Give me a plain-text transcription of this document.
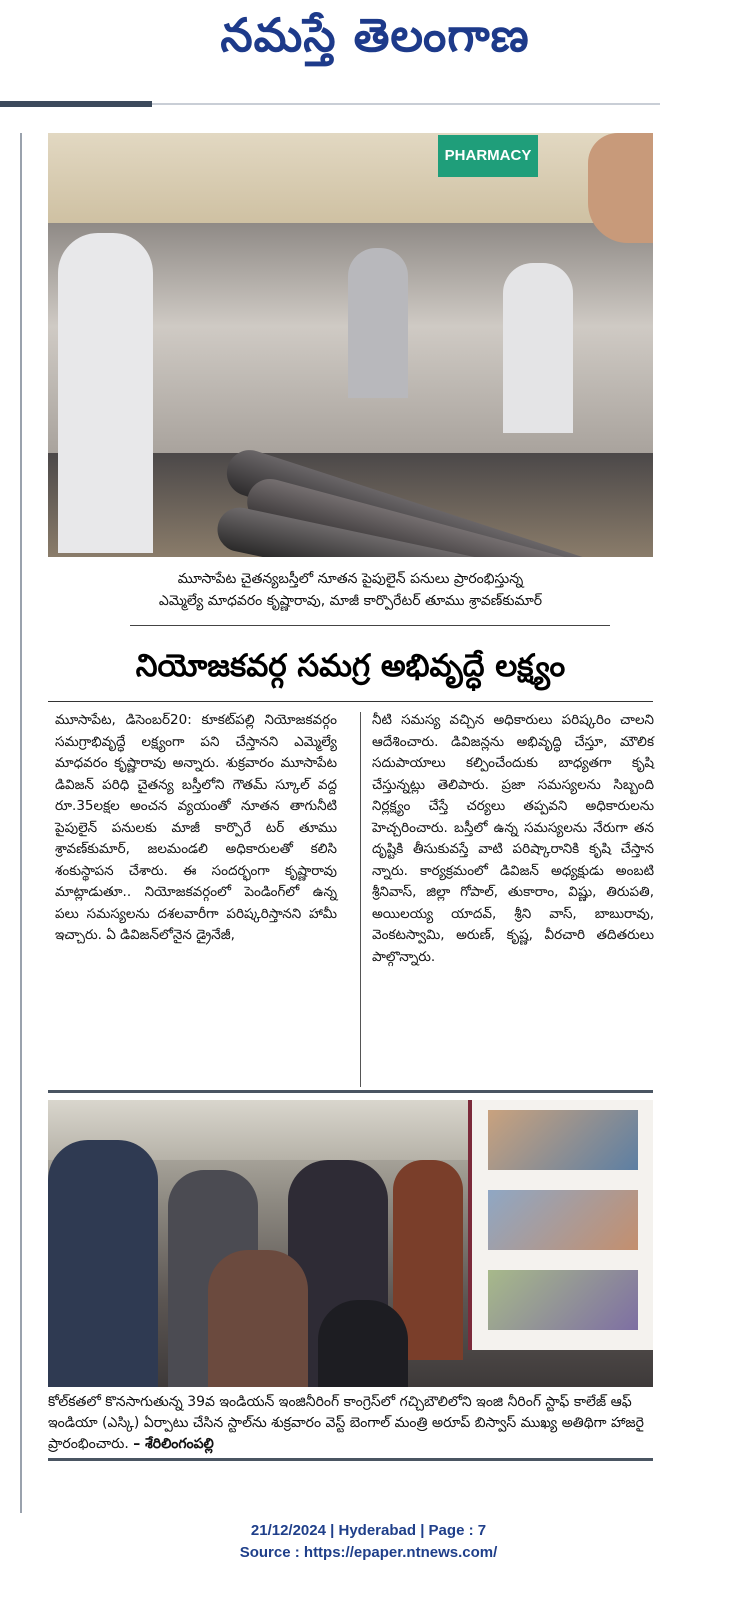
నమస్తే తెలంగాణ
PHARMACY
మూసాపేట చైతన్యబస్తీలో నూతన పైపులైన్ పనులు ప్రారంభిస్తున్న
ఎమ్మెల్యే మాధవరం కృష్ణారావు, మాజీ కార్పొరేటర్ తూము శ్రావణ్‌కుమార్
నియోజకవర్గ సమగ్ర అభివృద్ధే లక్ష్యం
మూసాపేట, డిసెంబర్20: కూకట్‌పల్లి నియోజకవర్గం సమగ్రాభివృద్ధే లక్ష్యంగా పని చేస్తానని ఎమ్మెల్యే మాధవరం కృష్ణారావు అన్నారు. శుక్రవారం మూసాపేట డివిజన్ పరిధి చైతన్య బస్తీలోని గౌతమ్ స్కూల్ వద్ద రూ.35లక్షల అంచన వ్యయంతో నూతన తాగునీటి పైపులైన్ పనులకు మాజీ కార్పొరే టర్ తూము శ్రావణ్‌కుమార్, జలమండలి అధికారులతో కలిసి శంకుస్థాపన చేశారు. ఈ సందర్భంగా కృష్ణారావు మాట్లాడుతూ.. నియోజకవర్గంలో పెండింగ్‌లో ఉన్న పలు సమస్యలను దశలవారీగా పరిష్కరిస్తానని హామీ ఇచ్చారు. ఏ డివిజన్‌లోనైన డ్రైనేజీ,
నీటి సమస్య వచ్చిన అధికారులు పరిష్కరిం చాలని ఆదేశించారు. డివిజన్లను అభివృద్ధి చేస్తూ, మౌలిక సదుపాయాలు కల్పించేందుకు బాధ్యతగా కృషి చేస్తున్నట్లు తెలిపారు. ప్రజా సమస్యలను సిబ్బంది నిర్లక్ష్యం చేస్తే చర్యలు తప్పవని అధికారులను హెచ్చరించారు. బస్తీలో ఉన్న సమస్యలను నేరుగా తన దృష్టికి తీసుకువస్తే వాటి పరిష్కారానికి కృషి చేస్తాన న్నారు. కార్యక్రమంలో డివిజన్ అధ్యక్షుడు అంబటి శ్రీనివాస్, జిల్లా గోపాల్, తుకారాం, విష్ణు, తిరుపతి, అయిలయ్య యాదవ్, శ్రీని వాస్, బాబురావు, వెంకటస్వామి, అరుణ్, కృష్ణ, వీరచారి తదితరులు పాల్గొన్నారు.
కోల్‌కతలో కొనసాగుతున్న 39వ ఇండియన్ ఇంజినీరింగ్ కాంగ్రెస్‌లో గచ్చిబౌలిలోని ఇంజి నీరింగ్ స్టాఫ్ కాలేజ్ ఆఫ్ ఇండియా (ఎస్కి) ఏర్పాటు చేసిన స్టాల్‌ను శుక్రవారం వెస్ట్ బెంగాల్ మంత్రి అరూప్ బిస్వాస్ ముఖ్య అతిథిగా హాజరై ప్రారంభించారు. – శేరిలింగంపల్లి
21/12/2024 | Hyderabad | Page : 7
Source : https://epaper.ntnews.com/
